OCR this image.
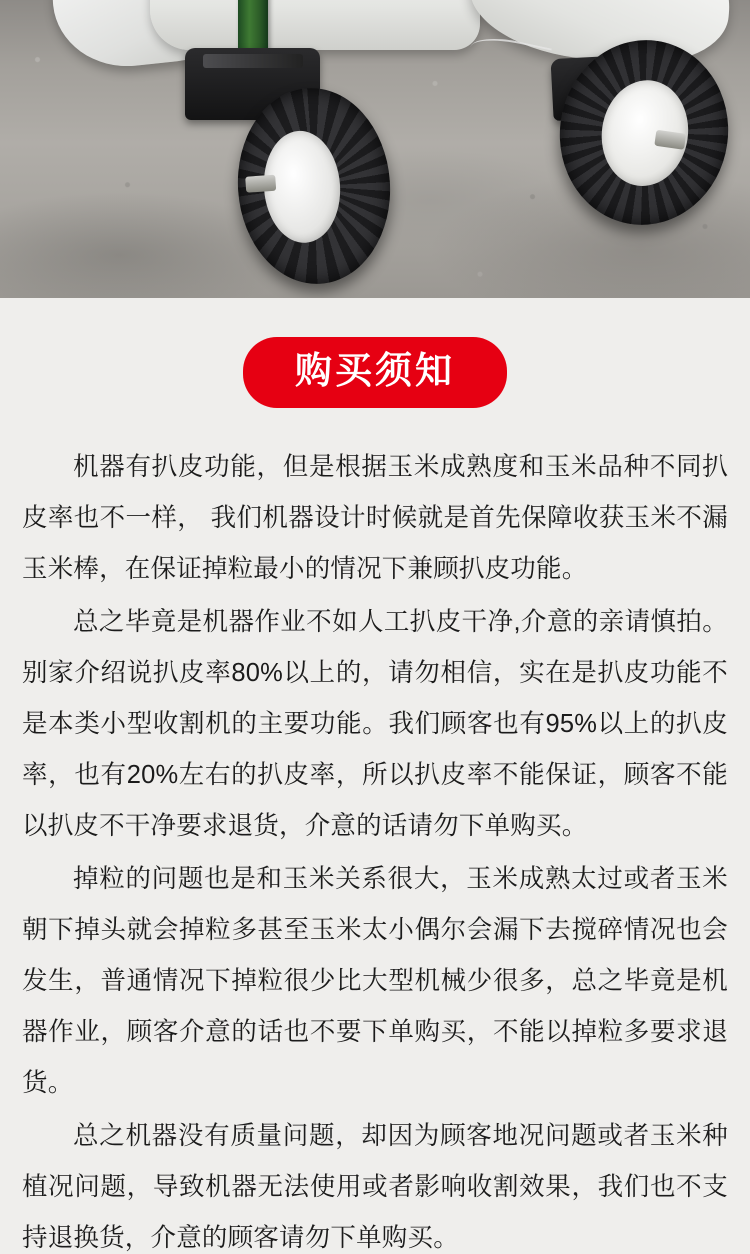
购买须知

机器有扒皮功能，但是根据玉米成熟度和玉米品种不同扒皮率也不一样， 我们机器设计时候就是首先保障收获玉米不漏玉米棒，在保证掉粒最小的情况下兼顾扒皮功能。

总之毕竟是机器作业不如人工扒皮干净,介意的亲请慎拍。别家介绍说扒皮率80%以上的，请勿相信，实在是扒皮功能不是本类小型收割机的主要功能。我们顾客也有95%以上的扒皮率，也有20%左右的扒皮率，所以扒皮率不能保证，顾客不能以扒皮不干净要求退货，介意的话请勿下单购买。

掉粒的问题也是和玉米关系很大，玉米成熟太过或者玉米朝下掉头就会掉粒多甚至玉米太小偶尔会漏下去搅碎情况也会发生，普通情况下掉粒很少比大型机械少很多，总之毕竟是机器作业，顾客介意的话也不要下单购买，不能以掉粒多要求退货。

总之机器没有质量问题，却因为顾客地况问题或者玉米种植况问题，导致机器无法使用或者影响收割效果，我们也不支持退换货，介意的顾客请勿下单购买。
